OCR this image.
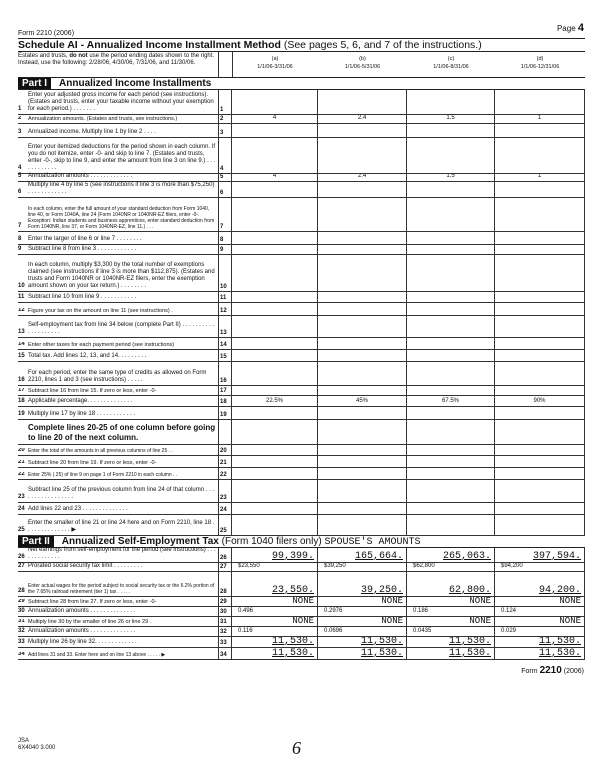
Page 4
Form 2210 (2006)
Schedule AI - Annualized Income Installment Method (See pages 5, 6, and 7 of the instructions.)
Estates and trusts, do not use the period ending dates shown to the right. Instead, use the following: 2/28/06, 4/30/06, 7/31/06, and 11/30/06.
(a)
1/1/06-3/31/06
(b)
1/1/06-5/31/06
(c)
1/1/06-8/31/06
(d)
1/1/06-12/31/06
Part I Annualized Income Installments
1
Enter your adjusted gross income for each period (see instructions). (Estates and trusts, enter your taxable income without your exemption for each period.) . . . . . . .	1
2 Annualization amounts. (Estates and trusts, see instructions.)	2	4	2.4	1.5	1
3 Annualized income. Multiply line 1 by line 2 . . . .	3
4
Enter your itemized deductions for the period shown in each column. If you do not itemize, enter -0- and skip to line 7. (Estates and trusts, enter -0-, skip to line 9, and enter the amount from line 3 on line 9.) . . . . . . . . . . . .	4
5 Annualization amounts . . . . . . . . . . . . .	5	4	2.4	1.5	1
6
Multiply line 4 by line 5 (see instructions if line 3 is more than $75,250) . . . . . . . . . . . .	6
7
In each column, enter the full amount of your standard deduction from Form 1040, line 40, or Form 1040A, line 24 (Form 1040NR or 1040NR-EZ filers, enter -0-. Exception: Indian students and business apprentices, enter standard deduction from Form 1040NR, line 37, or Form 1040NR-EZ, line 11.) . . .	7
8 Enter the larger of line 6 or line 7 . . . . . . . .	8
9 Subtract line 8 from line 3 . . . . . . . . . . . .	9
10
In each column, multiply $3,300 by the total number of exemptions claimed (see instructions if line 3 is more than $112,875). (Estates and trusts and Form 1040NR or 1040NR-EZ filers, enter the exemption amount shown on your tax return.) . . . . . . . .	10
11 Subtract line 10 from line 9 . . . . . . . . . . .	11
12 Figure your tax on the amount on line 11 (see instructions) .	12
13
Self-employment tax from line 34 below (complete Part II) . . . . . . . . . . . . . . . . . . . .	13
14 Enter other taxes for each payment period (see instructions)	14
15 Total tax. Add lines 12, 13, and 14. . . . . . . . .	15
16
For each period, enter the same type of credits as allowed on Form 2210, lines 1 and 3 (see instructions) . . . . .	16
17 Subtract line 16 from line 15. If zero or less, enter -0-	17
18 Applicable percentage. . . . . . . . . . . . . .	18	22.5%	45%	67.5%	90%
19 Multiply line 17 by line 18 . . . . . . . . . . . .	19
Complete lines 20-25 of one column before going to line 20 of the next column.
20 Enter the total of the amounts in all previous columns of line 25 . .	20
21 Subtract line 20 from line 19. If zero or less, enter -0-	21
22 Enter 25% (.25) of line 9 on page 1 of Form 2210 in each column . .	22
23
Subtract line 25 of the previous column from line 24 of that column . . . . . . . . . . . . . . . . .	23
24 Add lines 22 and 23 . . . . . . . . . . . . . .	24
25
Enter the smaller of line 21 or line 24 here and on Form 2210, line 18 . . . . . . . . . . . . . . ▶	25
Part II Annualized Self-Employment Tax (Form 1040 filers only) SPOUSE'S AMOUNTS
26
Net earnings from self-employment for the period (see instructions) . . . . . . . . . . . . .	26	99,399.	165,664.	265,063.	397,594.
27 Prorated social security tax limit . . . . . . . . .	27	$23,550	$39,250	$62,800	$94,200
28
Enter actual wages for the period subject to social security tax or the 6.2% portion of the 7.65% railroad retirement (tier 1) tax . . . . .	28	23,550.	39,250.	62,800.	94,200.
29 Subtract line 28 from line 27. If zero or less, enter -0-	29	NONE	NONE	NONE	NONE
30 Annualization amounts . . . . . . . . . . . . . .	30	0.496	0.2976	0.186	0.124
31 Multiply line 30 by the smaller of line 26 or line 29 .	31	NONE	NONE	NONE	NONE
32 Annualization amounts . . . . . . . . . . . . . .	32	0.116	0.0696	0.0435	0.029
33 Multiply line 26 by line 32. . . . . . . . . . . . .	33	11,530.	11,530.	11,530.	11,530.
34 Add lines 31 and 33. Enter here and on line 13 above . . . . . ▶	34	11,530.	11,530.	11,530.	11,530.
Form 2210 (2006)
JSA
6X4040 3.000	6
